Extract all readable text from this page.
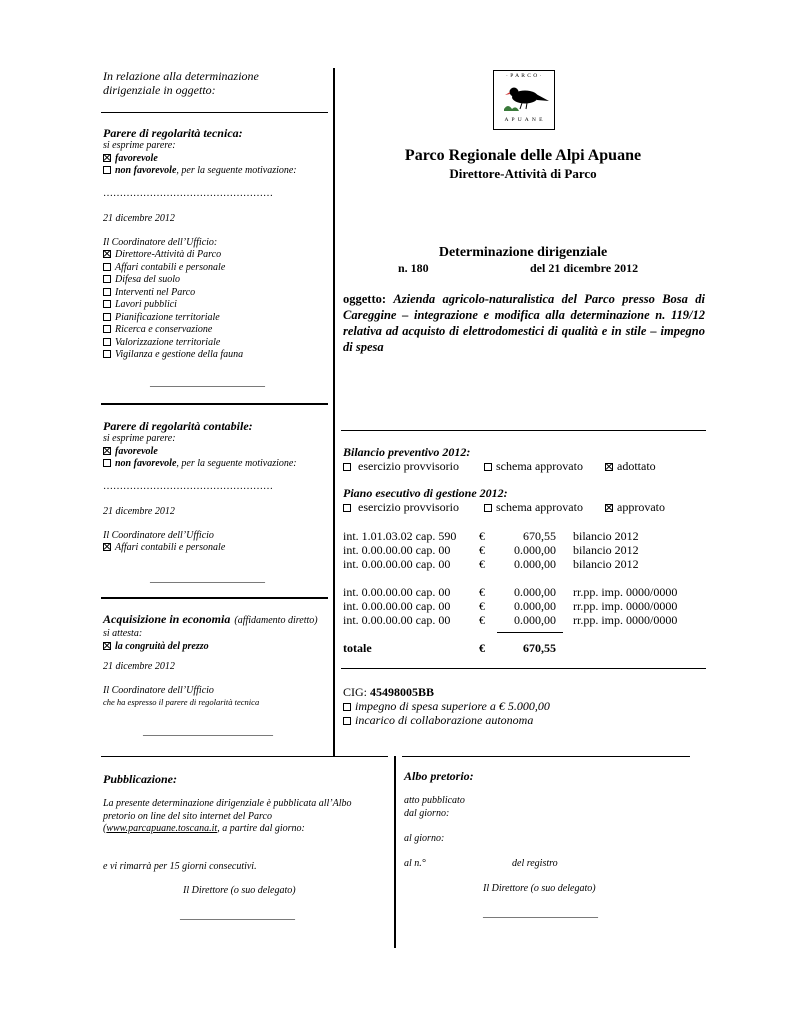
In relazione alla determinazione
dirigenziale in oggetto:
Parere di regolarità tecnica:
si esprime parere:
favorevole
non favorevole, per la seguente motivazione:
……………………………………………
21 dicembre 2012
Il Coordinatore dell’Ufficio:
Direttore-Attività di Parco
Affari contabili e personale
Difesa del suolo
Interventi nel Parco
Lavori pubblici
Pianificazione territoriale
Ricerca e conservazione
Valorizzazione territoriale
Vigilanza e gestione della fauna
_______________________
Parere di regolarità contabile:
si esprime parere:
favorevole
non favorevole, per la seguente motivazione:
……………………………………………
21 dicembre 2012
Il Coordinatore dell’Ufficio
Affari contabili e personale
_______________________
Acquisizione in economia (affidamento diretto)
si attesta:
la congruità del prezzo
21 dicembre 2012
Il Coordinatore dell’Ufficio
che ha espresso il parere di regolarità tecnica
__________________________
· P A R C O ·
A P U A N E
Parco Regionale delle Alpi Apuane
Direttore-Attività di Parco
Determinazione dirigenziale
n. 180	del 21 dicembre 2012
oggetto: Azienda agricolo-naturalistica del Parco presso Bosa di Careggine – integrazione e modifica alla determinazione n. 119/12 relativa ad acquisto di elettrodomestici di qualità e in stile – impegno di spesa
Bilancio preventivo 2012:
esercizio provvisorio	schema approvato	adottato
Piano esecutivo di gestione 2012:
esercizio provvisorio	schema approvato	approvato
int. 1.01.03.02 cap. 590 €	670,55 bilancio 2012
int. 0.00.00.00 cap. 00 €	0.000,00 bilancio 2012
int. 0.00.00.00 cap. 00 €	0.000,00 bilancio 2012
int. 0.00.00.00 cap. 00 €	0.000,00 rr.pp. imp. 0000/0000
int. 0.00.00.00 cap. 00 €	0.000,00 rr.pp. imp. 0000/0000
int. 0.00.00.00 cap. 00 €	0.000,00 rr.pp. imp. 0000/0000
totale	€	670,55
CIG: 45498005BB
impegno di spesa superiore a € 5.000,00
incarico di collaborazione autonoma
Pubblicazione:
La presente determinazione dirigenziale è pubblicata all’Albo
pretorio on line del sito internet del Parco
(www.parcapuane.toscana.it, a partire dal giorno:
e vi rimarrà per 15 giorni consecutivi.
Il Direttore (o suo delegato)
_______________________
Albo pretorio:
atto pubblicato
dal giorno:
al giorno:
al n.°	del registro
Il Direttore (o suo delegato)
_______________________
